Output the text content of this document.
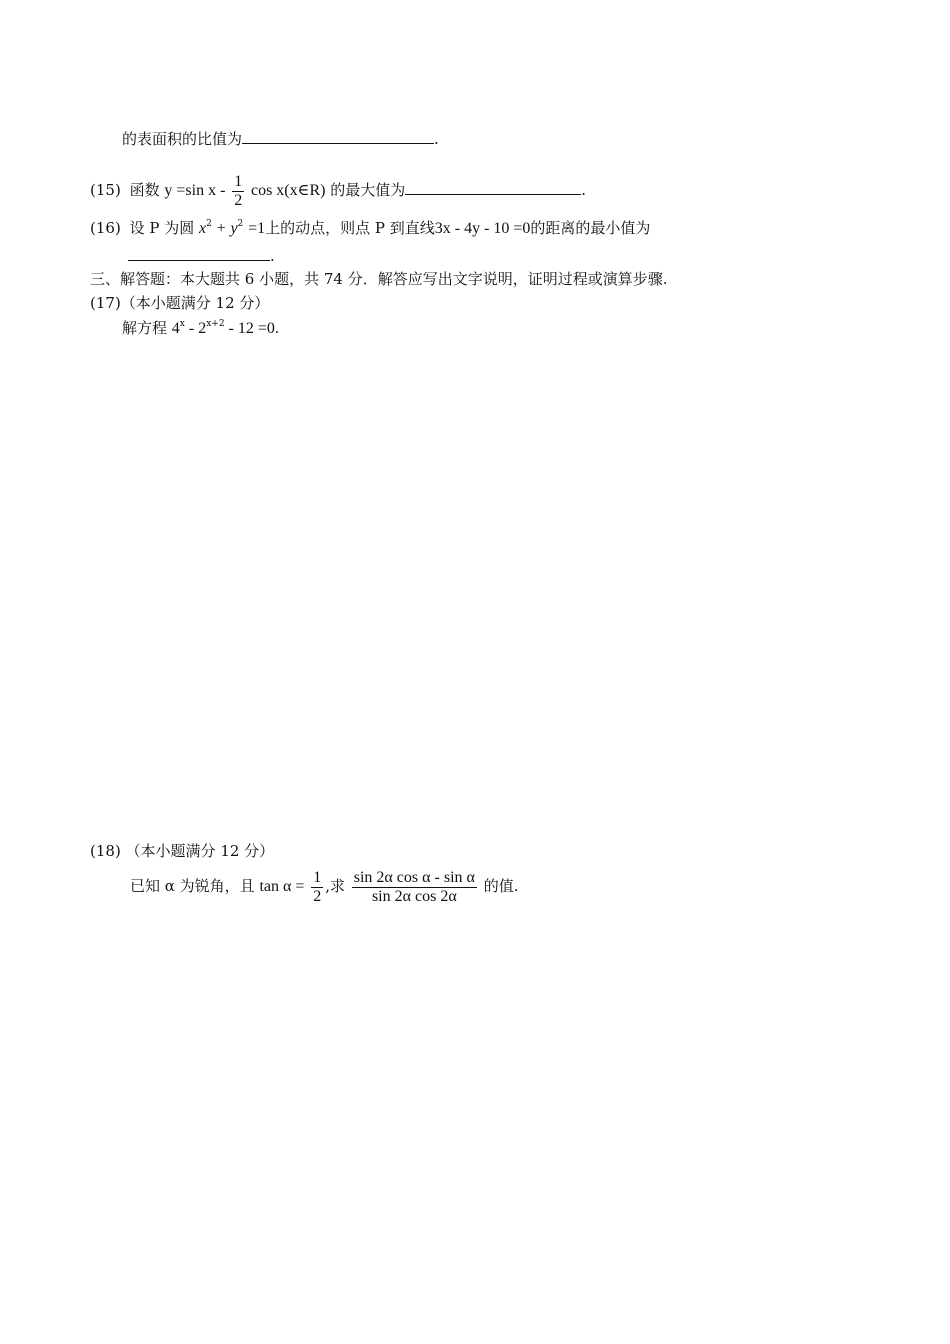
的表面积的比值为	.
(15) 函数 y =sin x - $\frac{1}{2}$ cos x(x∈R) 的最大值为	.
(16) 设 P 为圆 $x^2 + y^2 =1$上的动点，则点 P 到直线3x - 4y - 10 =0的距离的最小值为
.
三、解答题：本大题共 6 小题，共 74 分．解答应写出文字说明，证明过程或演算步骤.
(17)（本小题满分 12 分）
解方程 $4^x - 2^{x+2} - 12 =0$.
(18) （本小题满分 12 分）
已知 α 为锐角，且 $\tan \alpha = \frac{1}{2}$ ,求 $\frac{\text{sin 2α cos α - sin α}}{\text{sin 2α cos 2α}}$ 的值.
